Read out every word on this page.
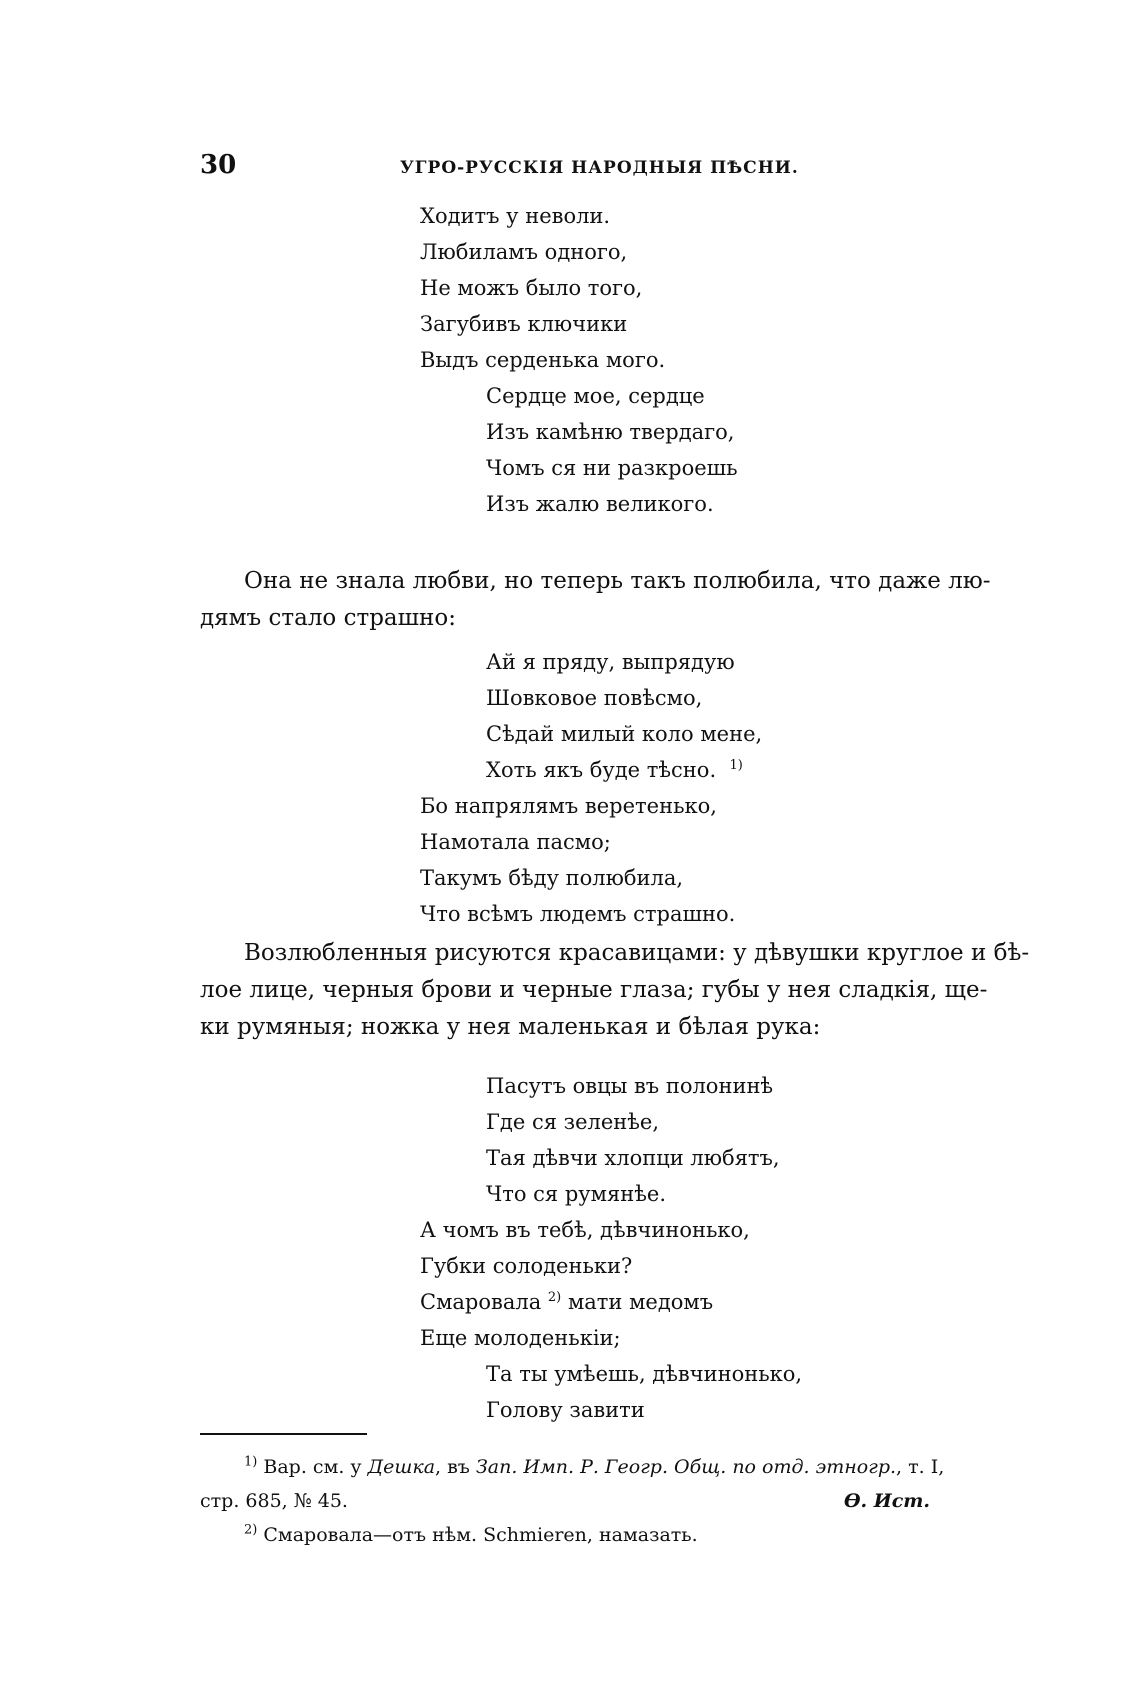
30	УГРО-РУССКІЯ НАРОДНЫЯ ПѢСНИ.
Ходитъ у неволи.
Любиламъ одного,
Не можъ было того,
Загубивъ ключики
Выдъ серденька мого.
Сердце мое, сердце
Изъ камѣню твердаго,
Чомъ ся ни разкроешь
Изъ жалю великого.
Она не знала любви, но теперь такъ полюбила, что даже лю-
дямъ стало страшно:
Ай я пряду, выпрядую
Шовковое повѣсмо,
Сѣдай милый коло мене,
Хоть якъ буде тѣсно. $^{1)}$
Бо напрялямъ веретенько,
Намотала пасмо;
Такумъ бѣду полюбила,
Что всѣмъ людемъ страшно.
Возлюбленныя рисуются красавицами: у дѣвушки круглое и бѣ-
лое лице, черныя брови и черные глаза; губы у нея сладкія, ще-
ки румяныя; ножка у нея маленькая и бѣлая рука:
Пасутъ овцы въ полонинѣ
Где ся зеленѣе,
Тая дѣвчи хлопци любятъ,
Что ся румянѣе.
А чомъ въ тебѣ, дѣвчинонько,
Губки солоденьки?
Смаровала $^{2)}$ мати медомъ
Еще молоденькіи;
Та ты умѣешь, дѣвчинонько,
Голову завити
$^{1)}$ Вар. см. у Дешка, въ Зап. Имп. Р. Геогр. Общ. по отд. этногр., т. I,
стр. 685, № 45.	Ѳ. Ист.
$^{2)}$ Смаровала—отъ нѣм. Schmieren, намазать.
